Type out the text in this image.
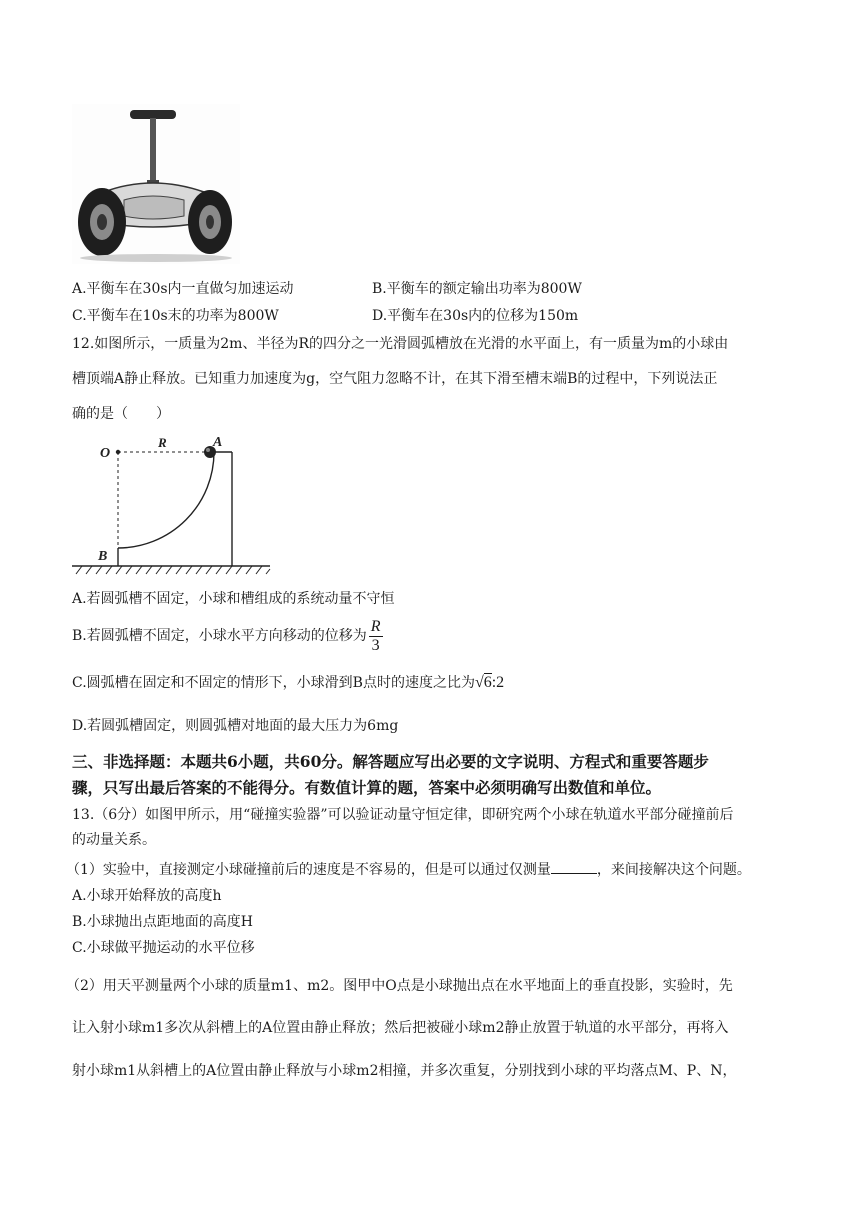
A.平衡车在30s内一直做匀加速运动	B.平衡车的额定输出功率为800W
C.平衡车在10s末的功率为800W	D.平衡车在30s内的位移为150m
12.如图所示，一质量为2m、半径为R的四分之一光滑圆弧槽放在光滑的水平面上，有一质量为m的小球由
槽顶端A静止释放。已知重力加速度为g，空气阻力忽略不计，在其下滑至槽末端B的过程中，下列说法正
确的是（　　）
O
R	A
B
A.若圆弧槽不固定，小球和槽组成的系统动量不守恒
B.若圆弧槽不固定，小球水平方向移动的位移为 $\frac{R}{3}$
C.圆弧槽在固定和不固定的情形下，小球滑到B点时的速度之比为√6:2
D.若圆弧槽固定，则圆弧槽对地面的最大压力为6mg
三、非选择题：本题共6小题，共60分。解答题应写出必要的文字说明、方程式和重要答题步
骤，只写出最后答案的不能得分。有数值计算的题，答案中必须明确写出数值和单位。
13.（6分）如图甲所示，用“碰撞实验器”可以验证动量守恒定律，即研究两个小球在轨道水平部分碰撞前后
的动量关系。
（1）实验中，直接测定小球碰撞前后的速度是不容易的，但是可以通过仅测量	，来间接解决这个问题。
A.小球开始释放的高度h
B.小球抛出点距地面的高度H
C.小球做平抛运动的水平位移
（2）用天平测量两个小球的质量m1、m2。图甲中O点是小球抛出点在水平地面上的垂直投影，实验时，先
让入射小球m1多次从斜槽上的A位置由静止释放；然后把被碰小球m2静止放置于轨道的水平部分，再将入
射小球m1从斜槽上的A位置由静止释放与小球m2相撞，并多次重复，分别找到小球的平均落点M、P、N，
